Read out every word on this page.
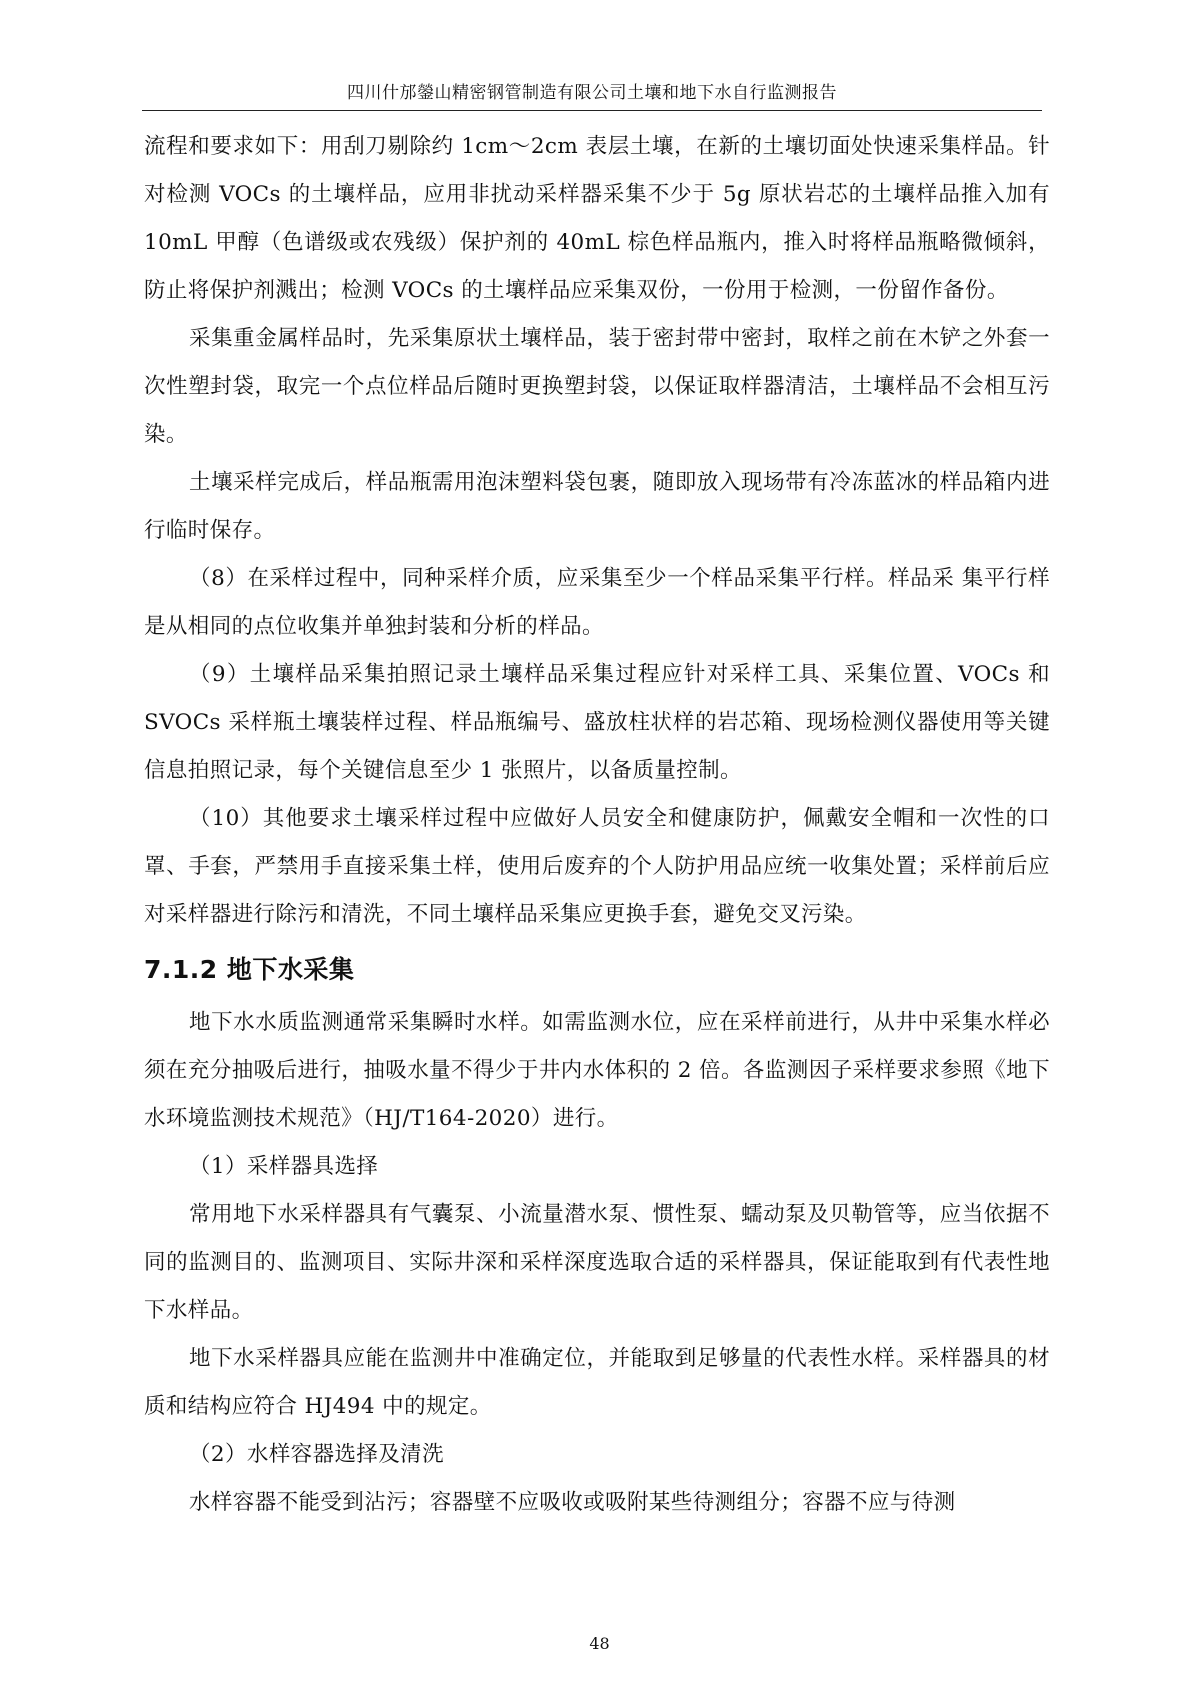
四川什邡鎣山精密钢管制造有限公司土壤和地下水自行监测报告

流程和要求如下：用刮刀剔除约 1cm～2cm 表层土壤，在新的土壤切面处快速采集样品。针对检测 VOCs 的土壤样品，应用非扰动采样器采集不少于 5g 原状岩芯的土壤样品推入加有 10mL 甲醇（色谱级或农残级）保护剂的 40mL 棕色样品瓶内，推入时将样品瓶略微倾斜，防止将保护剂溅出；检测 VOCs 的土壤样品应采集双份，一份用于检测，一份留作备份。

采集重金属样品时，先采集原状土壤样品，装于密封带中密封，取样之前在木铲之外套一次性塑封袋，取完一个点位样品后随时更换塑封袋，以保证取样器清洁，土壤样品不会相互污染。

土壤采样完成后，样品瓶需用泡沫塑料袋包裹，随即放入现场带有冷冻蓝冰的样品箱内进行临时保存。

（8）在采样过程中，同种采样介质，应采集至少一个样品采集平行样。样品采 集平行样是从相同的点位收集并单独封装和分析的样品。

（9）土壤样品采集拍照记录土壤样品采集过程应针对采样工具、采集位置、VOCs 和 SVOCs 采样瓶土壤装样过程、样品瓶编号、盛放柱状样的岩芯箱、现场检测仪器使用等关键信息拍照记录，每个关键信息至少 1 张照片，以备质量控制。

（10）其他要求土壤采样过程中应做好人员安全和健康防护，佩戴安全帽和一次性的口罩、手套，严禁用手直接采集土样，使用后废弃的个人防护用品应统一收集处置；采样前后应对采样器进行除污和清洗，不同土壤样品采集应更换手套，避免交叉污染。

7.1.2 地下水采集

地下水水质监测通常采集瞬时水样。如需监测水位，应在采样前进行，从井中采集水样必须在充分抽吸后进行，抽吸水量不得少于井内水体积的 2 倍。各监测因子采样要求参照《地下水环境监测技术规范》（HJ/T164-2020）进行。

（1）采样器具选择

常用地下水采样器具有气囊泵、小流量潜水泵、惯性泵、蠕动泵及贝勒管等，应当依据不同的监测目的、监测项目、实际井深和采样深度选取合适的采样器具，保证能取到有代表性地下水样品。

地下水采样器具应能在监测井中准确定位，并能取到足够量的代表性水样。采样器具的材质和结构应符合 HJ494 中的规定。

（2）水样容器选择及清洗

水样容器不能受到沾污；容器壁不应吸收或吸附某些待测组分；容器不应与待测

48
